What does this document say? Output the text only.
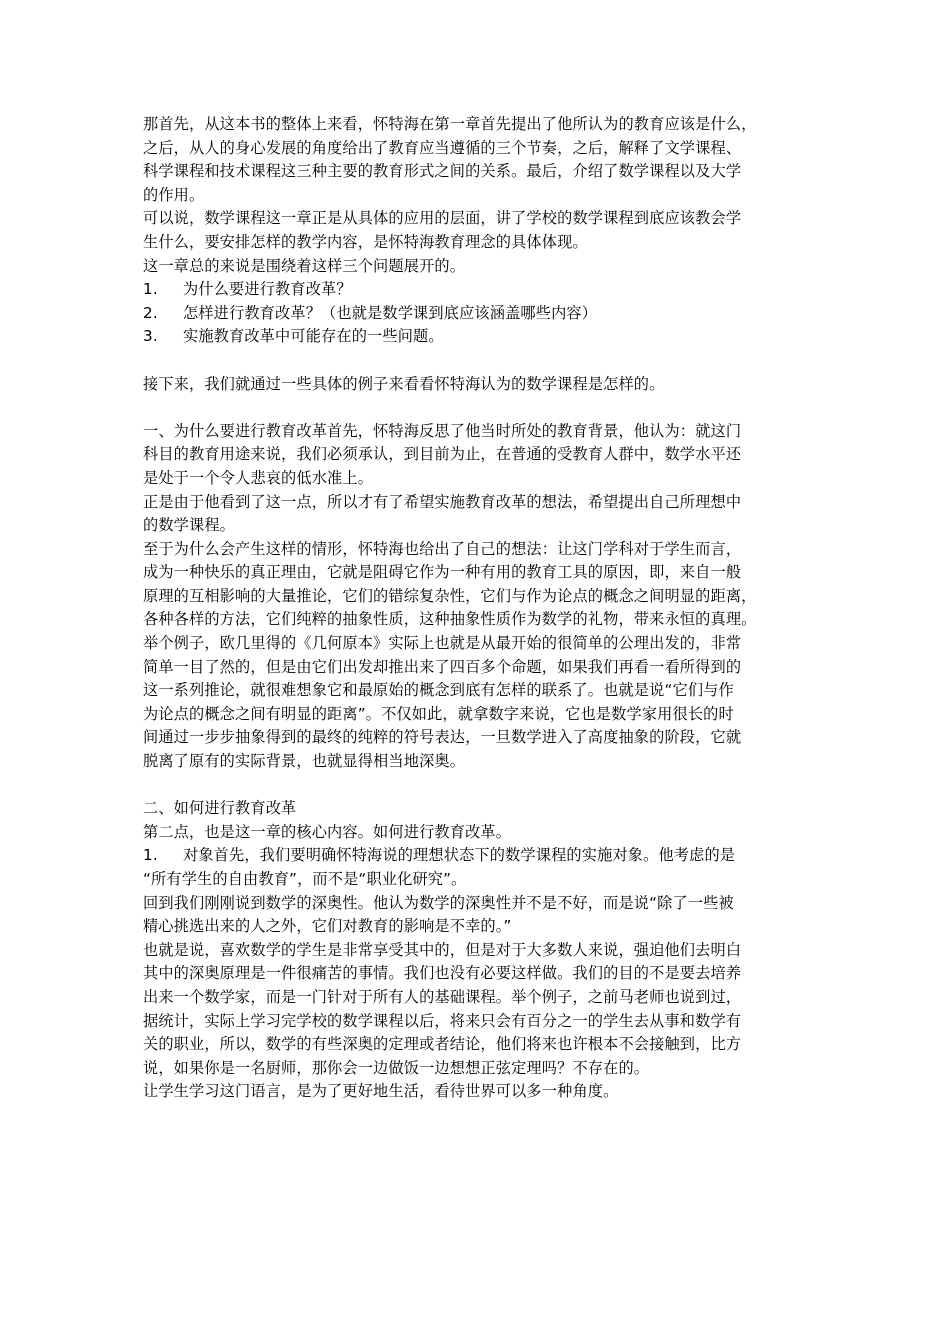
那首先，从这本书的整体上来看，怀特海在第一章首先提出了他所认为的教育应该是什么，
之后，从人的身心发展的角度给出了教育应当遵循的三个节奏，之后，解释了文学课程、
科学课程和技术课程这三种主要的教育形式之间的关系。最后，介绍了数学课程以及大学
的作用。
可以说，数学课程这一章正是从具体的应用的层面，讲了学校的数学课程到底应该教会学
生什么，要安排怎样的教学内容，是怀特海教育理念的具体体现。
这一章总的来说是围绕着这样三个问题展开的。
1. 为什么要进行教育改革？
2. 怎样进行教育改革？（也就是数学课到底应该涵盖哪些内容）
3. 实施教育改革中可能存在的一些问题。
接下来，我们就通过一些具体的例子来看看怀特海认为的数学课程是怎样的。
一、为什么要进行教育改革首先，怀特海反思了他当时所处的教育背景，他认为：就这门
科目的教育用途来说，我们必须承认，到目前为止，在普通的受教育人群中，数学水平还
是处于一个令人悲哀的低水准上。
正是由于他看到了这一点，所以才有了希望实施教育改革的想法，希望提出自己所理想中
的数学课程。
至于为什么会产生这样的情形，怀特海也给出了自己的想法：让这门学科对于学生而言，
成为一种快乐的真正理由，它就是阻碍它作为一种有用的教育工具的原因，即，来自一般
原理的互相影响的大量推论，它们的错综复杂性，它们与作为论点的概念之间明显的距离，
各种各样的方法，它们纯粹的抽象性质，这种抽象性质作为数学的礼物，带来永恒的真理。
举个例子，欧几里得的《几何原本》实际上也就是从最开始的很简单的公理出发的，非常
简单一目了然的，但是由它们出发却推出来了四百多个命题，如果我们再看一看所得到的
这一系列推论，就很难想象它和最原始的概念到底有怎样的联系了。也就是说“它们与作
为论点的概念之间有明显的距离”。不仅如此，就拿数字来说，它也是数学家用很长的时
间通过一步步抽象得到的最终的纯粹的符号表达，一旦数学进入了高度抽象的阶段，它就
脱离了原有的实际背景，也就显得相当地深奥。
二、如何进行教育改革
第二点，也是这一章的核心内容。如何进行教育改革。
1. 对象首先，我们要明确怀特海说的理想状态下的数学课程的实施对象。他考虑的是
“所有学生的自由教育”，而不是“职业化研究”。
回到我们刚刚说到数学的深奥性。他认为数学的深奥性并不是不好，而是说“除了一些被
精心挑选出来的人之外，它们对教育的影响是不幸的。”
也就是说，喜欢数学的学生是非常享受其中的，但是对于大多数人来说，强迫他们去明白
其中的深奥原理是一件很痛苦的事情。我们也没有必要这样做。我们的目的不是要去培养
出来一个数学家，而是一门针对于所有人的基础课程。举个例子，之前马老师也说到过，
据统计，实际上学习完学校的数学课程以后，将来只会有百分之一的学生去从事和数学有
关的职业，所以，数学的有些深奥的定理或者结论，他们将来也许根本不会接触到，比方
说，如果你是一名厨师，那你会一边做饭一边想想正弦定理吗？不存在的。
让学生学习这门语言，是为了更好地生活，看待世界可以多一种角度。
